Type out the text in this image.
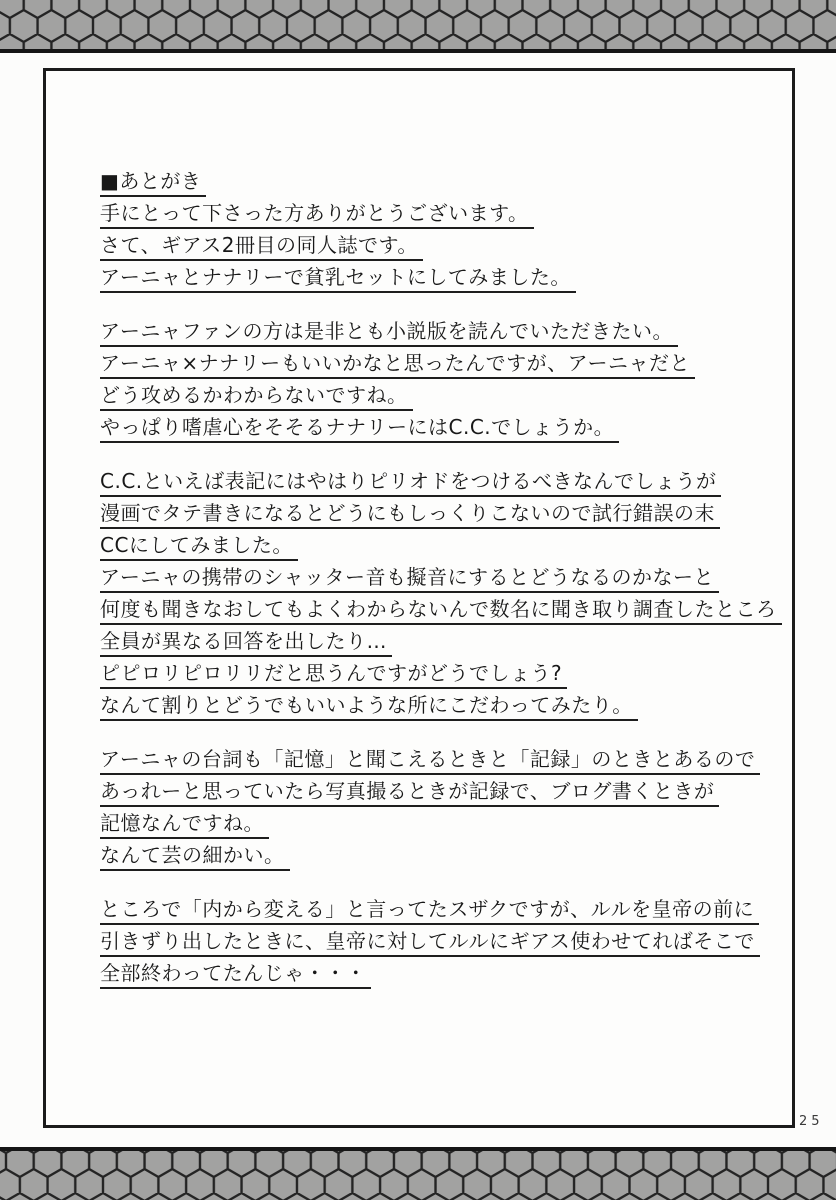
■あとがき
手にとって下さった方ありがとうございます。
さて、ギアス2冊目の同人誌です。
アーニャとナナリーで貧乳セットにしてみました。
アーニャファンの方は是非とも小説版を読んでいただきたい。
アーニャ×ナナリーもいいかなと思ったんですが、アーニャだと
どう攻めるかわからないですね。
やっぱり嗜虐心をそそるナナリーにはC.C.でしょうか。
C.C.といえば表記にはやはりピリオドをつけるべきなんでしょうが
漫画でタテ書きになるとどうにもしっくりこないので試行錯誤の末
CCにしてみました。
アーニャの携帯のシャッター音も擬音にするとどうなるのかなーと
何度も聞きなおしてもよくわからないんで数名に聞き取り調査したところ
全員が異なる回答を出したり…
ピピロリピロリリだと思うんですがどうでしょう?
なんて割りとどうでもいいような所にこだわってみたり。
アーニャの台詞も「記憶」と聞こえるときと「記録」のときとあるので
あっれーと思っていたら写真撮るときが記録で、ブログ書くときが
記憶なんですね。
なんて芸の細かい。
ところで「内から変える」と言ってたスザクですが、ルルを皇帝の前に
引きずり出したときに、皇帝に対してルルにギアス使わせてればそこで
全部終わってたんじゃ・・・
25
